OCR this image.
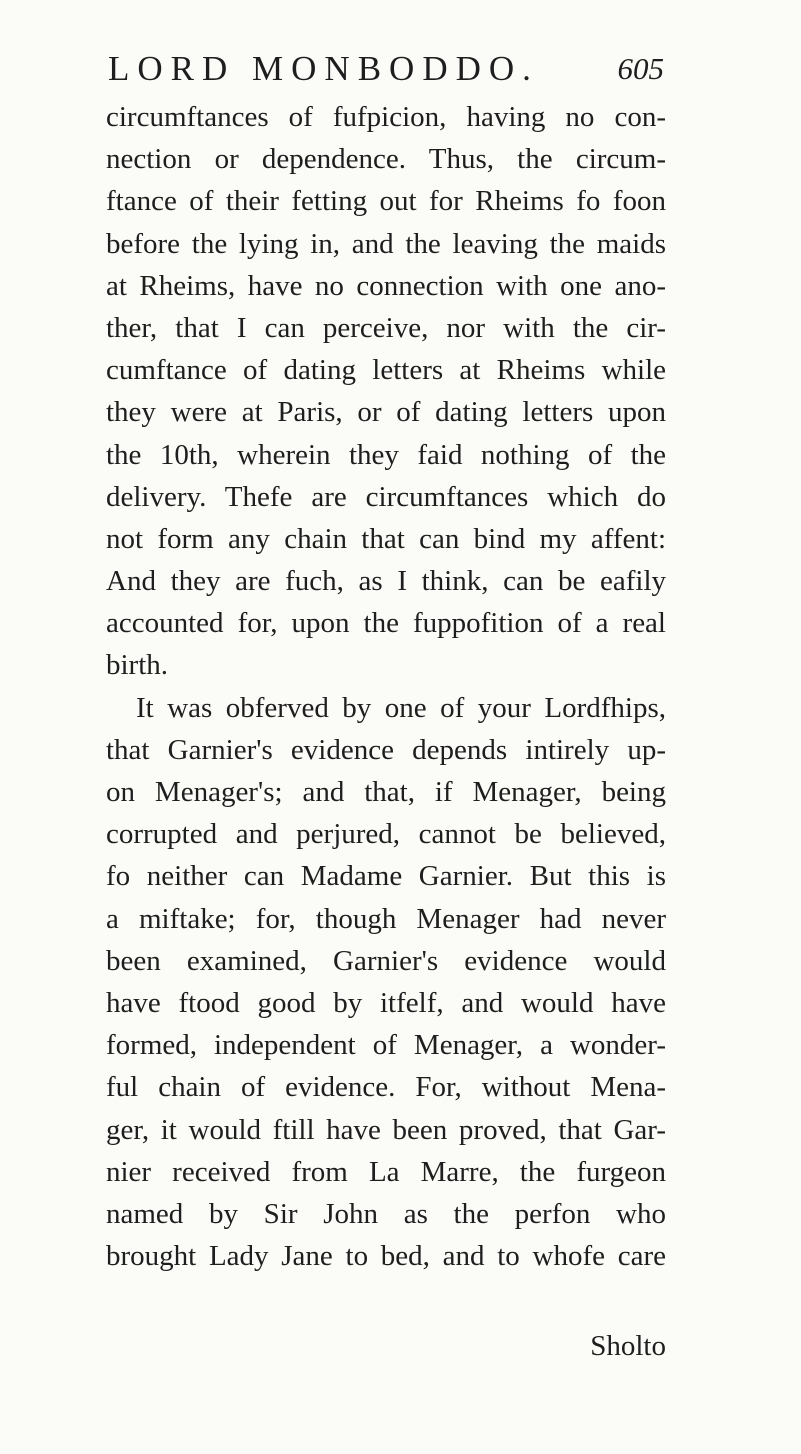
LORD MONBODDO.	605
circumftances of fufpicion, having no con-
nection or dependence. Thus, the circum-
ftance of their fetting out for Rheims fo foon
before the lying in, and the leaving the maids
at Rheims, have no connection with one ano-
ther, that I can perceive, nor with the cir-
cumftance of dating letters at Rheims while
they were at Paris, or of dating letters upon
the 10th, wherein they faid nothing of the
delivery. Thefe are circumftances which do
not form any chain that can bind my affent:
And they are fuch, as I think, can be eafily
accounted for, upon the fuppofition of a real
birth.
It was obferved by one of your Lordfhips,
that Garnier's evidence depends intirely up-
on Menager's; and that, if Menager, being
corrupted and perjured, cannot be believed,
fo neither can Madame Garnier. But this is
a miftake; for, though Menager had never
been examined, Garnier's evidence would
have ftood good by itfelf, and would have
formed, independent of Menager, a wonder-
ful chain of evidence. For, without Mena-
ger, it would ftill have been proved, that Gar-
nier received from La Marre, the furgeon
named by Sir John as the perfon who
brought Lady Jane to bed, and to whofe care
Sholto
